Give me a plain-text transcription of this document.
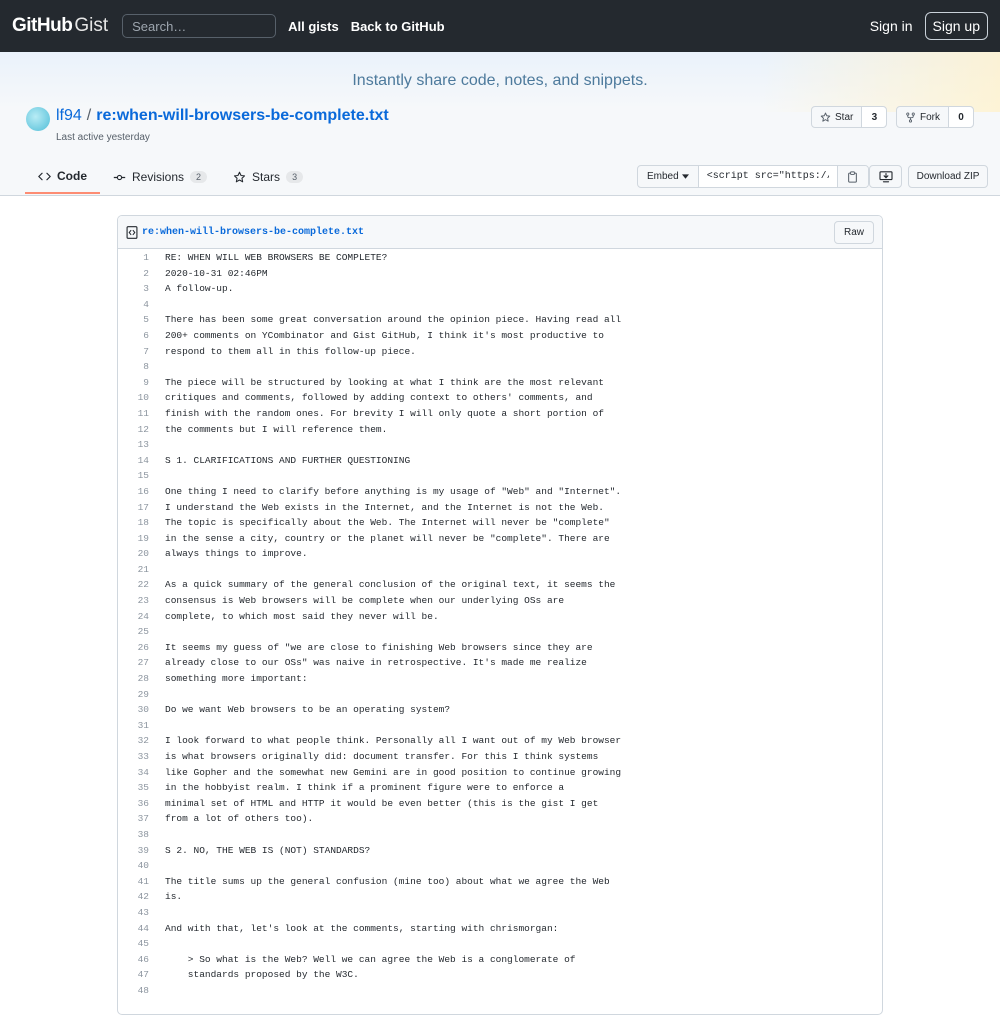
GitHub Gist
Search…	All gists Back to GitHub	Sign in	Sign up
Instantly share code, notes, and snippets.
lf94 / re:when-will-browsers-be-complete.txt
Last active yesterday
Star	3	Fork	0
Code	Revisions	2	Stars	3	Embed
<script src="https://gist.github.com/lf94/	Download ZIP
re:when-will-browsers-be-complete.txt	Raw
1	RE: WHEN WILL WEB BROWSERS BE COMPLETE?
2	2020-10-31 02:46PM
3	A follow-up.
4
5	There has been some great conversation around the opinion piece. Having read all
6	200+ comments on YCombinator and Gist GitHub, I think it's most productive to
7	respond to them all in this follow-up piece.
8
9	The piece will be structured by looking at what I think are the most relevant
10	critiques and comments, followed by adding context to others' comments, and
11	finish with the random ones. For brevity I will only quote a short portion of
12	the comments but I will reference them.
13
14	S 1. CLARIFICATIONS AND FURTHER QUESTIONING
15
16	One thing I need to clarify before anything is my usage of "Web" and "Internet".
17	I understand the Web exists in the Internet, and the Internet is not the Web.
18	The topic is specifically about the Web. The Internet will never be "complete"
19	in the sense a city, country or the planet will never be "complete". There are
20	always things to improve.
21
22	As a quick summary of the general conclusion of the original text, it seems the
23	consensus is Web browsers will be complete when our underlying OSs are
24	complete, to which most said they never will be.
25
26	It seems my guess of "we are close to finishing Web browsers since they are
27	already close to our OSs" was naive in retrospective. It's made me realize
28	something more important:
29
30	Do we want Web browsers to be an operating system?
31
32	I look forward to what people think. Personally all I want out of my Web browser
33	is what browsers originally did: document transfer. For this I think systems
34	like Gopher and the somewhat new Gemini are in good position to continue growing
35	in the hobbyist realm. I think if a prominent figure were to enforce a
36	minimal set of HTML and HTTP it would be even better (this is the gist I get
37	from a lot of others too).
38
39	S 2. NO, THE WEB IS (NOT) STANDARDS?
40
41	The title sums up the general confusion (mine too) about what we agree the Web
42	is.
43
44	And with that, let's look at the comments, starting with chrismorgan:
45
46	> So what is the Web? Well we can agree the Web is a conglomerate of
47	standards proposed by the W3C.
48
